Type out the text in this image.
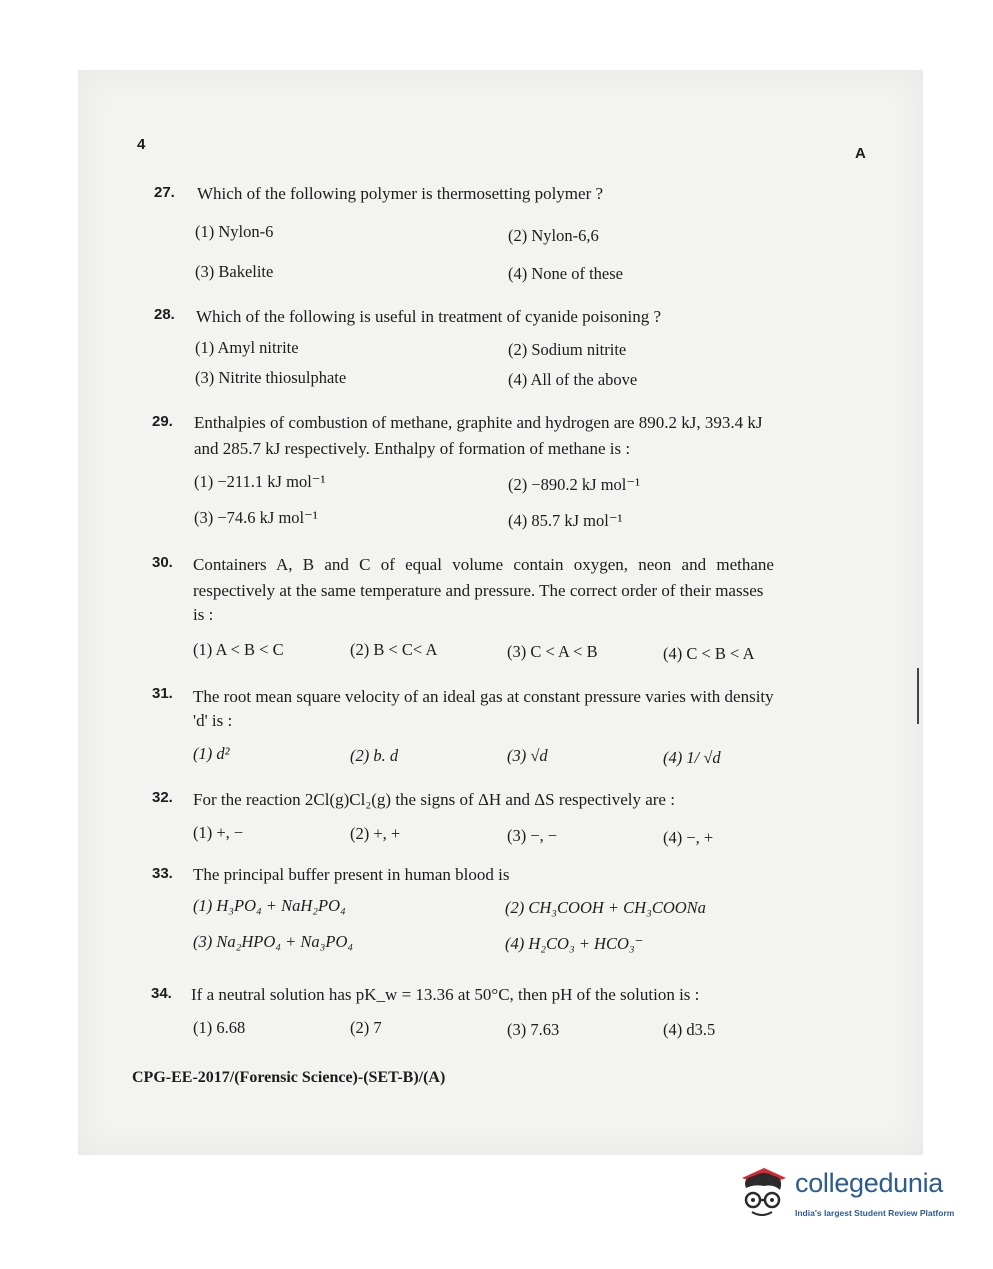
4
A
27. Which of the following polymer is thermosetting polymer ?
(1) Nylon-6	(2) Nylon-6,6
(3) Bakelite	(4) None of these
28. Which of the following is useful in treatment of cyanide poisoning ?
(1) Amyl nitrite	(2) Sodium nitrite
(3) Nitrite thiosulphate	(4) All of the above
29. Enthalpies of combustion of methane, graphite and hydrogen are 890.2 kJ, 393.4 kJ
and 285.7 kJ respectively. Enthalpy of formation of methane is :
(1) −211.1 kJ mol⁻¹	(2) −890.2 kJ mol⁻¹
(3) −74.6 kJ mol⁻¹	(4) 85.7 kJ mol⁻¹
30. Containers A, B and C of equal volume contain oxygen, neon and methane
respectively at the same temperature and pressure. The correct order of their masses
is :
(1) A < B < C	(2) B < C< A	(3) C < A < B	(4) C < B < A
31. The root mean square velocity of an ideal gas at constant pressure varies with density
'd' is :
(1) d²	(2) b. d	(3) √d	(4) 1/ √d
32. For the reaction 2Cl(g)Cl₂(g) the signs of ΔH and ΔS respectively are :
(1) +, −	(2) +, +	(3) −, −	(4) −, +
33. The principal buffer present in human blood is
(1) H₃PO₄ + NaH₂PO₄	(2) CH₃COOH + CH₃COONa
(3) Na₂HPO₄ + Na₃PO₄	(4) H₂CO₃ + HCO₃⁻
34. If a neutral solution has pK_w = 13.36 at 50°C, then pH of the solution is :
(1) 6.68	(2) 7	(3) 7.63	(4) d3.5
CPG-EE-2017/(Forensic Science)-(SET-B)/(A)
collegedunia
India's largest Student Review Platform
